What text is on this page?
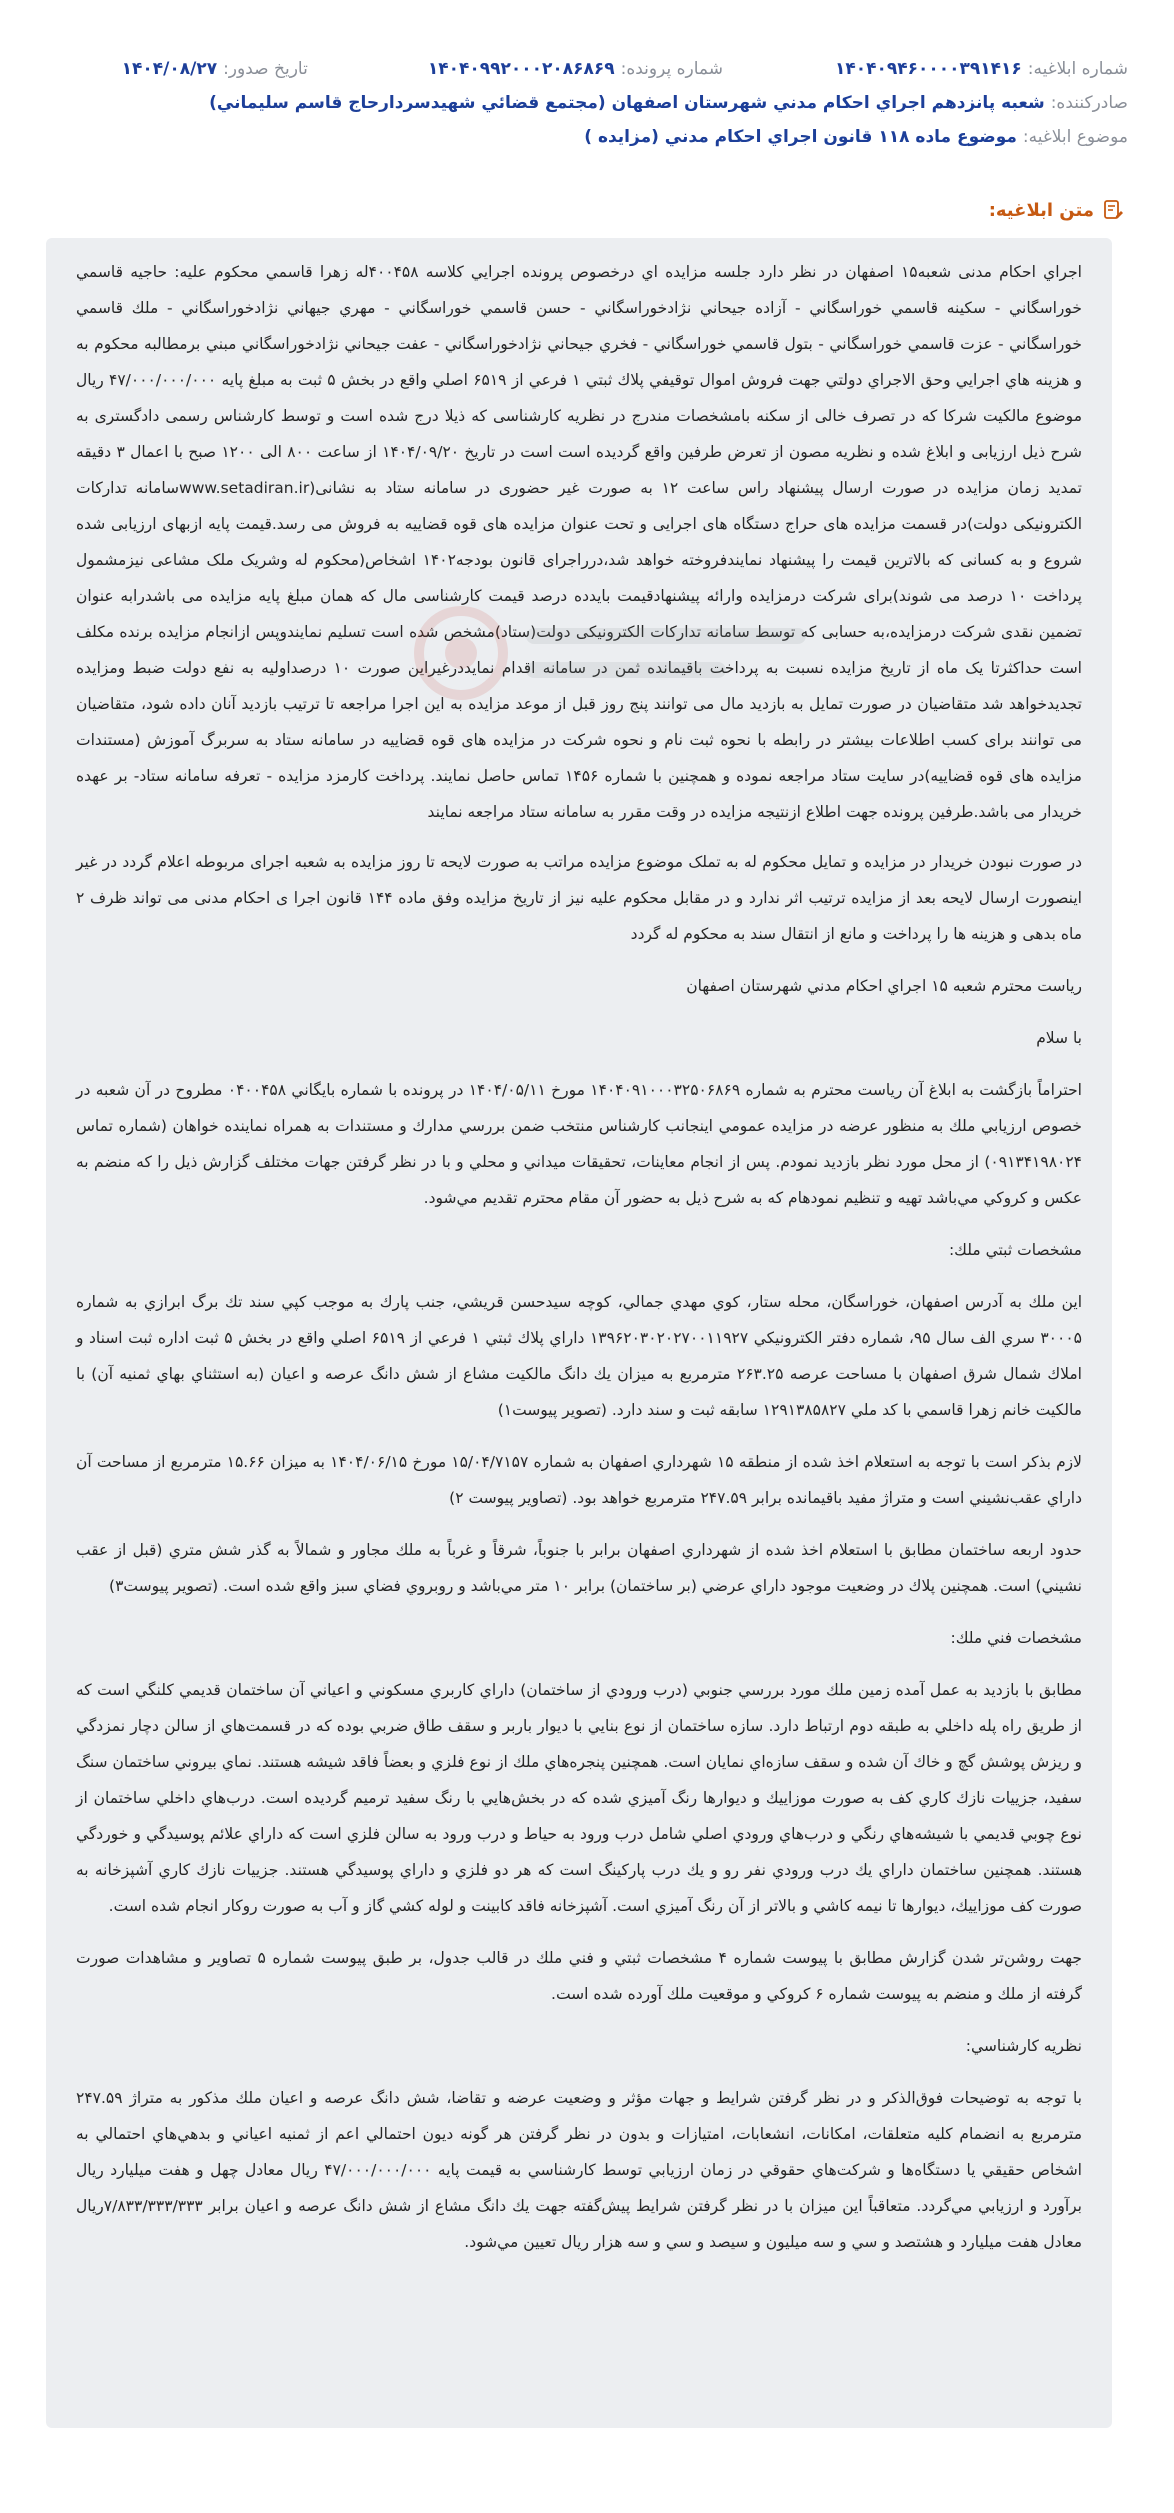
شماره ابلاغیه:
۱۴۰۴۰۹۴۶۰۰۰۰۳۹۱۴۱۶
شماره پرونده:
۱۴۰۴۰۹۹۲۰۰۰۲۰۸۶۸۶۹
تاریخ صدور:
۱۴۰۴/۰۸/۲۷
صادرکننده:
شعبه پانزدهم اجراي احكام مدني شهرستان اصفهان (مجتمع قضائي شهيدسردارحاج قاسم سليماني)
موضوع ابلاغیه:
موضوع ماده ۱۱۸ قانون اجراي احكام مدني (مزايده )
متن ابلاغیه:

اجراي احكام مدنی شعبه۱۵ اصفهان در نظر دارد جلسه مزايده اي درخصوص پرونده اجرايي كلاسه ۴۰۰۴۵۸له زهرا قاسمي محكوم عليه: حاجيه قاسمي خوراسگاني - سكينه قاسمي خوراسگاني - آزاده جيحاني نژادخوراسگاني - حسن قاسمي خوراسگاني - مهري جيهاني نژادخوراسگاني - ملك قاسمي خوراسگاني - عزت قاسمي خوراسگاني - بتول قاسمي خوراسگاني - فخري جيحاني نژادخوراسگاني - عفت جيحاني نژادخوراسگاني مبني برمطالبه محكوم به و هزينه هاي اجرايي وحق الاجراي دولتي جهت فروش اموال توقيفي پلاك ثبتي ۱ فرعي از ۶۵۱۹ اصلي واقع در بخش ۵ ثبت به مبلغ پايه ۴۷/۰۰۰/۰۰۰/۰۰۰ ريال موضوع مالكيت شركا كه در تصرف خالی از سكنه بامشخصات مندرج در نظريه كارشناسی كه ذيلا درج شده است و توسط كارشناس رسمی دادگستری به شرح ذيل ارزيابی و ابلاغ شده و نظريه مصون از تعرض طرفين واقع گرديده است است در تاريخ ۱۴۰۴/۰۹/۲۰ از ساعت ۸۰۰ الی ۱۲۰۰ صبح با اعمال ۳ دقيقه تمديد زمان مزايده در صورت ارسال پيشنهاد راس ساعت ۱۲ به صورت غير حضوری در سامانه ستاد به نشانی(www.setadiran.irسامانه تداركات الكترونيكی دولت)در قسمت مزايده های حراج دستگاه های اجرايی و تحت عنوان مزايده های قوه قضاييه به فروش می رسد.قيمت پايه ازبهای ارزيابی شده شروع و به كسانی كه بالاترين قيمت را پيشنهاد نمايندفروخته خواهد شد،درراجرای قانون بودجه۱۴۰۲ اشخاص(محكوم له وشريک ملک مشاعی نيزمشمول پرداخت ۱۰ درصد می شوند)برای شركت درمزايده وارائه پيشنهادقيمت بايدده درصد قيمت كارشناسی مال كه همان مبلغ پايه مزايده می باشدرابه عنوان تضمين نقدی شركت درمزايده،به حسابی كه توسط سامانه تداركات الكترونيكی دولت(ستاد)مشخص شده است تسليم نمايندوپس ازانجام مزايده برنده مكلف است حداكثرتا يک ماه از تاريخ مزايده نسبت به پرداخت باقيمانده ثمن در سامانه اقدام نمايددرغيراين صورت ۱۰ درصداوليه به نفع دولت ضبط ومزايده تجديدخواهد شد متقاضيان در صورت تمايل به بازديد مال می توانند پنج روز قبل از موعد مزايده به اين اجرا مراجعه تا ترتيب بازديد آنان داده شود، متقاضيان می توانند برای كسب اطلاعات بيشتر در رابطه با نحوه ثبت نام و نحوه شركت در مزايده های قوه قضاييه در سامانه ستاد به سربرگ آموزش (مستندات مزايده های قوه قضاييه)در سايت ستاد مراجعه نموده و همچنين با شماره ۱۴۵۶ تماس حاصل نمايند. پرداخت كارمزد مزايده - تعرفه سامانه ستاد- بر عهده خريدار می باشد.طرفين پرونده جهت اطلاع ازنتيجه مزايده در وقت مقرر به سامانه ستاد مراجعه نمايند

در صورت نبودن خريدار در مزايده و تمايل محكوم له به تملک موضوع مزايده مراتب به صورت لايحه تا روز مزايده به شعبه اجرای مربوطه اعلام گردد در غير اينصورت ارسال لايحه بعد از مزايده ترتيب اثر ندارد و در مقابل محكوم عليه نيز از تاريخ مزايده وفق ماده ۱۴۴ قانون اجرا ی احكام مدنی می تواند ظرف ۲ ماه بدهی و هزينه ها را پرداخت و مانع از انتقال سند به محكوم له گردد

رياست محترم شعبه ۱۵ اجراي احكام مدني شهرستان اصفهان

با سلام

احتراماً بازگشت به ابلاغ آن رياست محترم به شماره ۱۴۰۴۰۹۱۰۰۰۳۲۵۰۶۸۶۹ مورخ ۱۴۰۴/۰۵/۱۱ در پرونده با شماره بايگاني ۰۴۰۰۴۵۸ مطروح در آن شعبه در خصوص ارزيابي ملك به منظور عرضه در مزايده عمومي اينجانب كارشناس منتخب ضمن بررسي مدارك و مستندات به همراه نماينده خواهان (شماره تماس ۰۹۱۳۴۱۹۸۰۲۴) از محل مورد نظر بازديد نمودم. پس از انجام معاينات، تحقيقات ميداني و محلي و با در نظر گرفتن جهات مختلف گزارش ذيل را كه منضم به عكس و كروكي مي‌باشد تهيه و تنظيم نمودهام كه به شرح ذيل به حضور آن مقام محترم تقديم مي‌شود.

مشخصات ثبتي ملك:

اين ملك به آدرس اصفهان، خوراسگان، محله ستار، كوي مهدي جمالي، كوچه سيدحسن قريشي، جنب پارك به موجب كپي سند تك برگ ابرازي به شماره ۳۰۰۰۵ سري الف سال ۹۵، شماره دفتر الكترونيكي ۱۳۹۶۲۰۳۰۲۰۲۷۰۰۱۱۹۲۷ داراي پلاك ثبتي ۱ فرعي از ۶۵۱۹ اصلي واقع در بخش ۵ ثبت اداره ثبت اسناد و املاك شمال شرق اصفهان با مساحت عرصه ۲۶۳.۲۵ مترمربع به ميزان يك دانگ مالكيت مشاع از شش دانگ عرصه و اعيان (به استثناي بهاي ثمنيه آن) با مالكيت خانم زهرا قاسمي با كد ملي ۱۲۹۱۳۸۵۸۲۷ سابقه ثبت و سند دارد. (تصوير پيوست۱)

لازم بذكر است با توجه به استعلام اخذ شده از منطقه ۱۵ شهرداري اصفهان به شماره ۱۵/۰۴/۷۱۵۷ مورخ ۱۴۰۴/۰۶/۱۵ به ميزان ۱۵.۶۶ مترمربع از مساحت آن داراي عقب‌نشيني است و متراژ مفيد باقيمانده برابر ۲۴۷.۵۹ مترمربع خواهد بود. (تصاوير پيوست ۲)

حدود اربعه ساختمان مطابق با استعلام اخذ شده از شهرداري اصفهان برابر با جنوباً، شرقاً و غرباً به ملك مجاور و شمالاً به گذر شش متري (قبل از عقب نشيني) است. همچنين پلاك در وضعيت موجود داراي عرضي (بر ساختمان) برابر ۱۰ متر مي‌باشد و روبروي فضاي سبز واقع شده است. (تصوير پيوست۳)

مشخصات فني ملك:

مطابق با بازديد به عمل آمده زمين ملك مورد بررسي جنوبي (درب ورودي از ساختمان) داراي كاربري مسكوني و اعياني آن ساختمان قديمي كلنگي است كه از طريق راه پله داخلي به طبقه دوم ارتباط دارد. سازه ساختمان از نوع بنايي با ديوار باربر و سقف طاق ضربي بوده كه در قسمت‌هاي از سالن دچار نمزدگي و ريزش پوشش گچ و خاك آن شده و سقف سازه‌اي نمايان است. همچنين پنجره‌هاي ملك از نوع فلزي و بعضاً فاقد شيشه هستند. نماي بيروني ساختمان سنگ سفيد، جزييات نازك كاري كف به صورت موزاييك و ديوارها رنگ آميزي شده كه در بخش‌هايي با رنگ سفيد ترميم گرديده است. درب‌هاي داخلي ساختمان از نوع چوبي قديمي با شيشه‌هاي رنگي و درب‌هاي ورودي اصلي شامل درب ورود به حياط و درب ورود به سالن فلزي است كه داراي علائم پوسيدگي و خوردگي هستند. همچنين ساختمان داراي يك درب ورودي نفر رو و يك درب پاركينگ است كه هر دو فلزي و داراي پوسيدگي هستند. جزييات نازك كاري آشپزخانه به صورت كف موزاييك، ديوارها تا نيمه كاشي و بالاتر از آن رنگ آميزي است. آشپزخانه فاقد كابينت و لوله كشي گاز و آب به صورت روكار انجام شده است.

جهت روشن‌تر شدن گزارش مطابق با پيوست شماره ۴ مشخصات ثبتي و فني ملك در قالب جدول، بر طبق پيوست شماره ۵ تصاوير و مشاهدات صورت گرفته از ملك و منضم به پيوست شماره ۶ كروكي و موقعيت ملك آورده شده است.

نظريه كارشناسي:

با توجه به توضيحات فوق‌الذكر و در نظر گرفتن شرايط و جهات مؤثر و وضعيت عرضه و تقاضا، شش دانگ عرصه و اعيان ملك مذكور به متراژ ۲۴۷.۵۹ مترمربع به انضمام كليه متعلقات، امكانات، انشعابات، امتيازات و بدون در نظر گرفتن هر گونه ديون احتمالي اعم از ثمنيه اعياني و بدهي‌هاي احتمالي به اشخاص حقيقي يا دستگاه‌ها و شركت‌هاي حقوقي در زمان ارزيابي توسط كارشناسي به قيمت پايه ۴۷/۰۰۰/۰۰۰/۰۰۰ ريال معادل چهل و هفت ميليارد ريال برآورد و ارزيابي مي‌گردد. متعاقباً اين ميزان با در نظر گرفتن شرايط پيش‌گفته جهت يك دانگ مشاع از شش دانگ عرصه و اعيان برابر ۷/۸۳۳/۳۳۳/۳۳۳ريال معادل هفت ميليارد و هشتصد و سي و سه ميليون و سيصد و سي و سه هزار ريال تعيين مي‌شود.
